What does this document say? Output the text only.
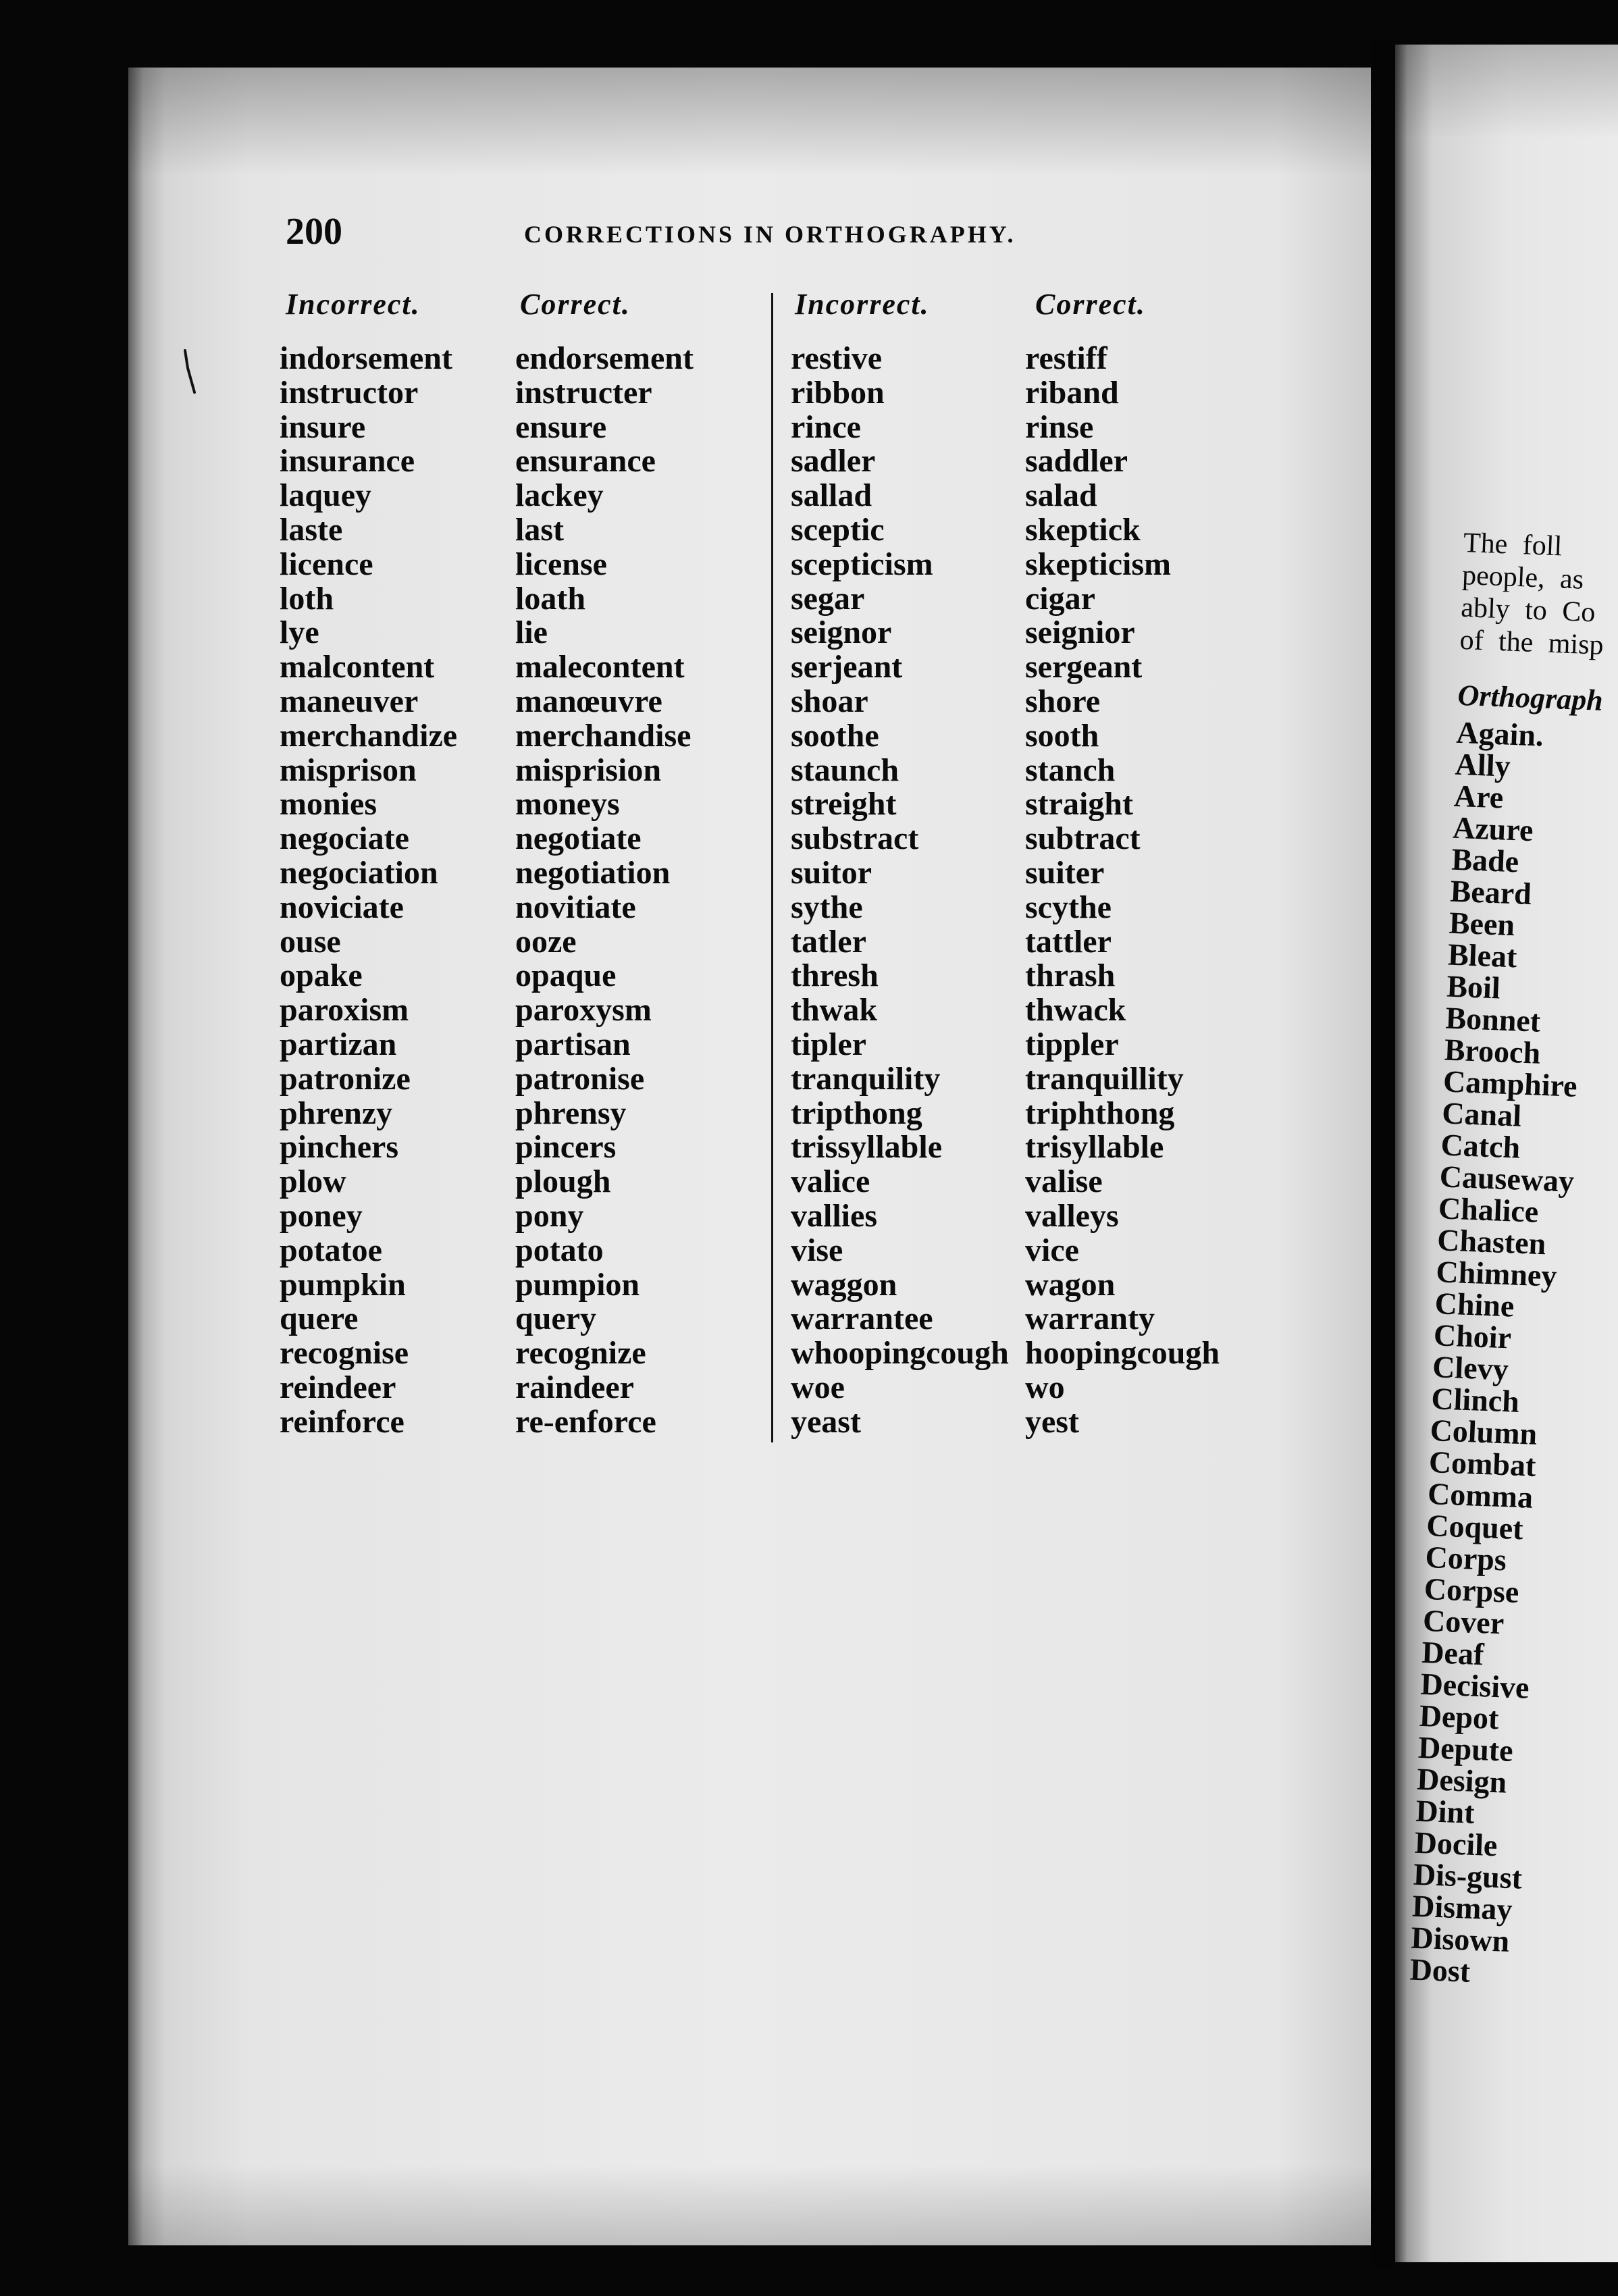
200	CORRECTIONS IN ORTHOGRAPHY.
Incorrect.	Correct.	Incorrect.	Correct.
indorsement endorsement
instructor	instructer
insure	ensure
insurance	ensurance
laquey	lackey
laste	last
licence	license
loth	loath
lye	lie
malcontent malecontent
maneuver	manœuvre
merchandize merchandise
misprison	misprision
monies	moneys
negociate	negotiate
negociation negotiation
noviciate	novitiate
ouse	ooze
opake	opaque
paroxism	paroxysm
partizan	partisan
patronize	patronise
phrenzy	phrensy
pinchers	pincers
plow	plough
poney	pony
potatoe	potato
pumpkin	pumpion
quere	query
recognise	recognize
reindeer	raindeer
reinforce	re-enforce
restive	restiff
ribbon	riband
rince	rinse
sadler	saddler
sallad	salad
sceptic	skeptick
scepticism	skepticism
segar	cigar
seignor	seignior
serjeant	sergeant
shoar	shore
soothe	sooth
staunch	stanch
streight	straight
substract	subtract
suitor	suiter
sythe	scythe
tatler	tattler
thresh	thrash
thwak	thwack
tipler	tippler
tranquility	tranquillity
tripthong	triphthong
trissyllable	trisyllable
valice	valise
vallies	valleys
vise	vice
waggon	wagon
warrantee	warranty
whoopingcough hoopingcough
woe	wo
yeast	yest
The foll
people, as
ably to Co
of the misp
Orthograph
Again.
Ally
Are
Azure
Bade
Beard
Been
Bleat
Boil
Bonnet
Brooch
Camphire
Canal
Catch
Causeway
Chalice
Chasten
Chimney
Chine
Choir
Clevy
Clinch
Column
Combat
Comma
Coquet
Corps
Corpse
Cover
Deaf
Decisive
Depot
Depute
Design
Dint
Docile
Dis-gust
Dismay
Disown
Dost
